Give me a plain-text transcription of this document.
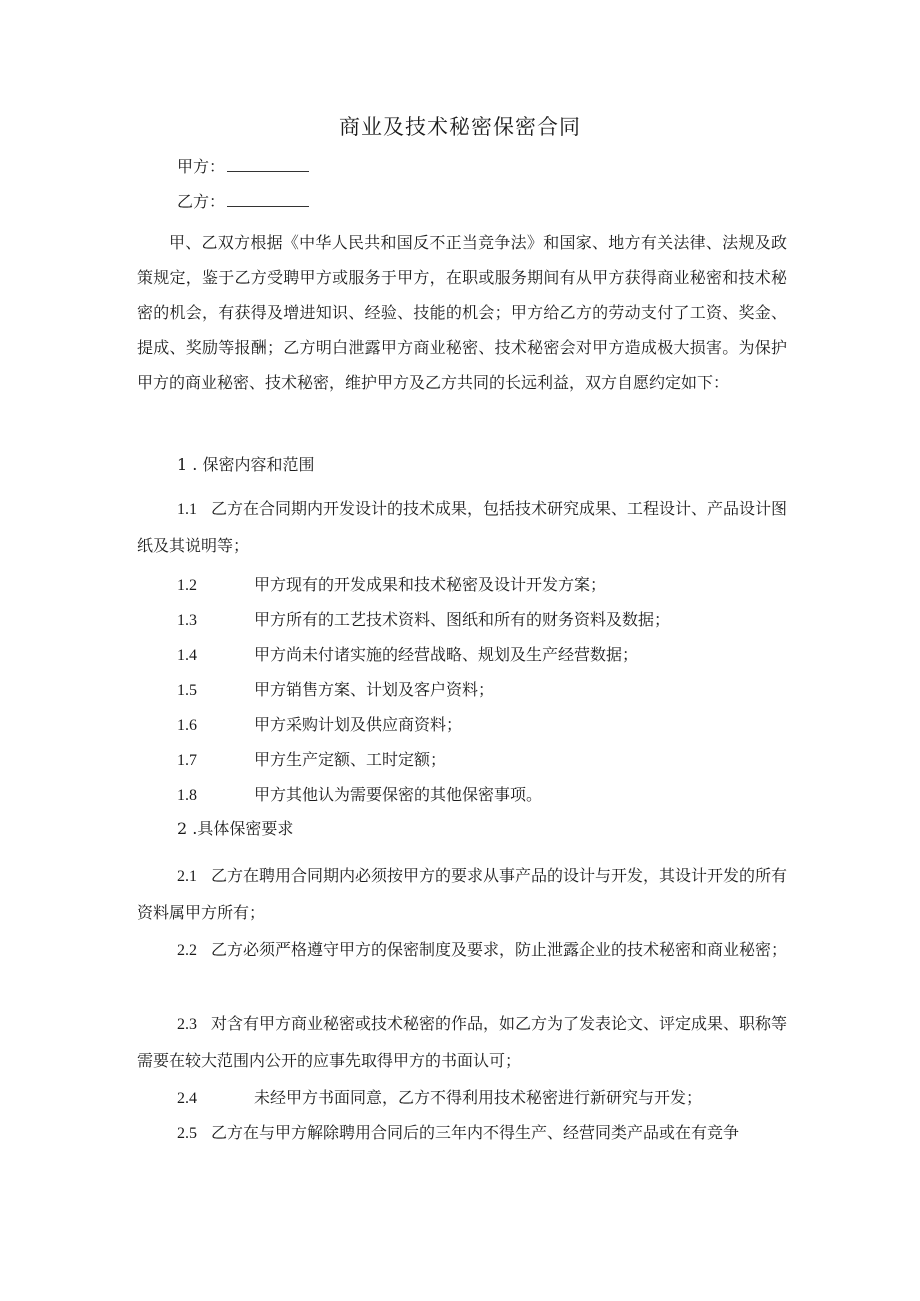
商业及技术秘密保密合同
甲方：
乙方：
甲、乙双方根据《中华人民共和国反不正当竞争法》和国家、地方有关法律、法规及政策规定，鉴于乙方受聘甲方或服务于甲方，在职或服务期间有从甲方获得商业秘密和技术秘密的机会，有获得及增进知识、经验、技能的机会；甲方给乙方的劳动支付了工资、奖金、提成、奖励等报酬；乙方明白泄露甲方商业秘密、技术秘密会对甲方造成极大损害。为保护甲方的商业秘密、技术秘密，维护甲方及乙方共同的长远利益，双方自愿约定如下：
1 . 保密内容和范围
1.1 乙方在合同期内开发设计的技术成果，包括技术研究成果、工程设计、产品设计图纸及其说明等；
1.2	甲方现有的开发成果和技术秘密及设计开发方案；
1.3	甲方所有的工艺技术资料、图纸和所有的财务资料及数据；
1.4	甲方尚未付诸实施的经营战略、规划及生产经营数据；
1.5	甲方销售方案、计划及客户资料；
1.6	甲方采购计划及供应商资料；
1.7	甲方生产定额、工时定额；
1.8	甲方其他认为需要保密的其他保密事项。
2 .具体保密要求
2.1 乙方在聘用合同期内必须按甲方的要求从事产品的设计与开发，其设计开发的所有资料属甲方所有；
2.2 乙方必须严格遵守甲方的保密制度及要求，防止泄露企业的技术秘密和商业秘密；
2.3 对含有甲方商业秘密或技术秘密的作品，如乙方为了发表论文、评定成果、职称等需要在较大范围内公开的应事先取得甲方的书面认可；
2.4	未经甲方书面同意，乙方不得利用技术秘密进行新研究与开发；
2.5 乙方在与甲方解除聘用合同后的三年内不得生产、经营同类产品或在有竞争
